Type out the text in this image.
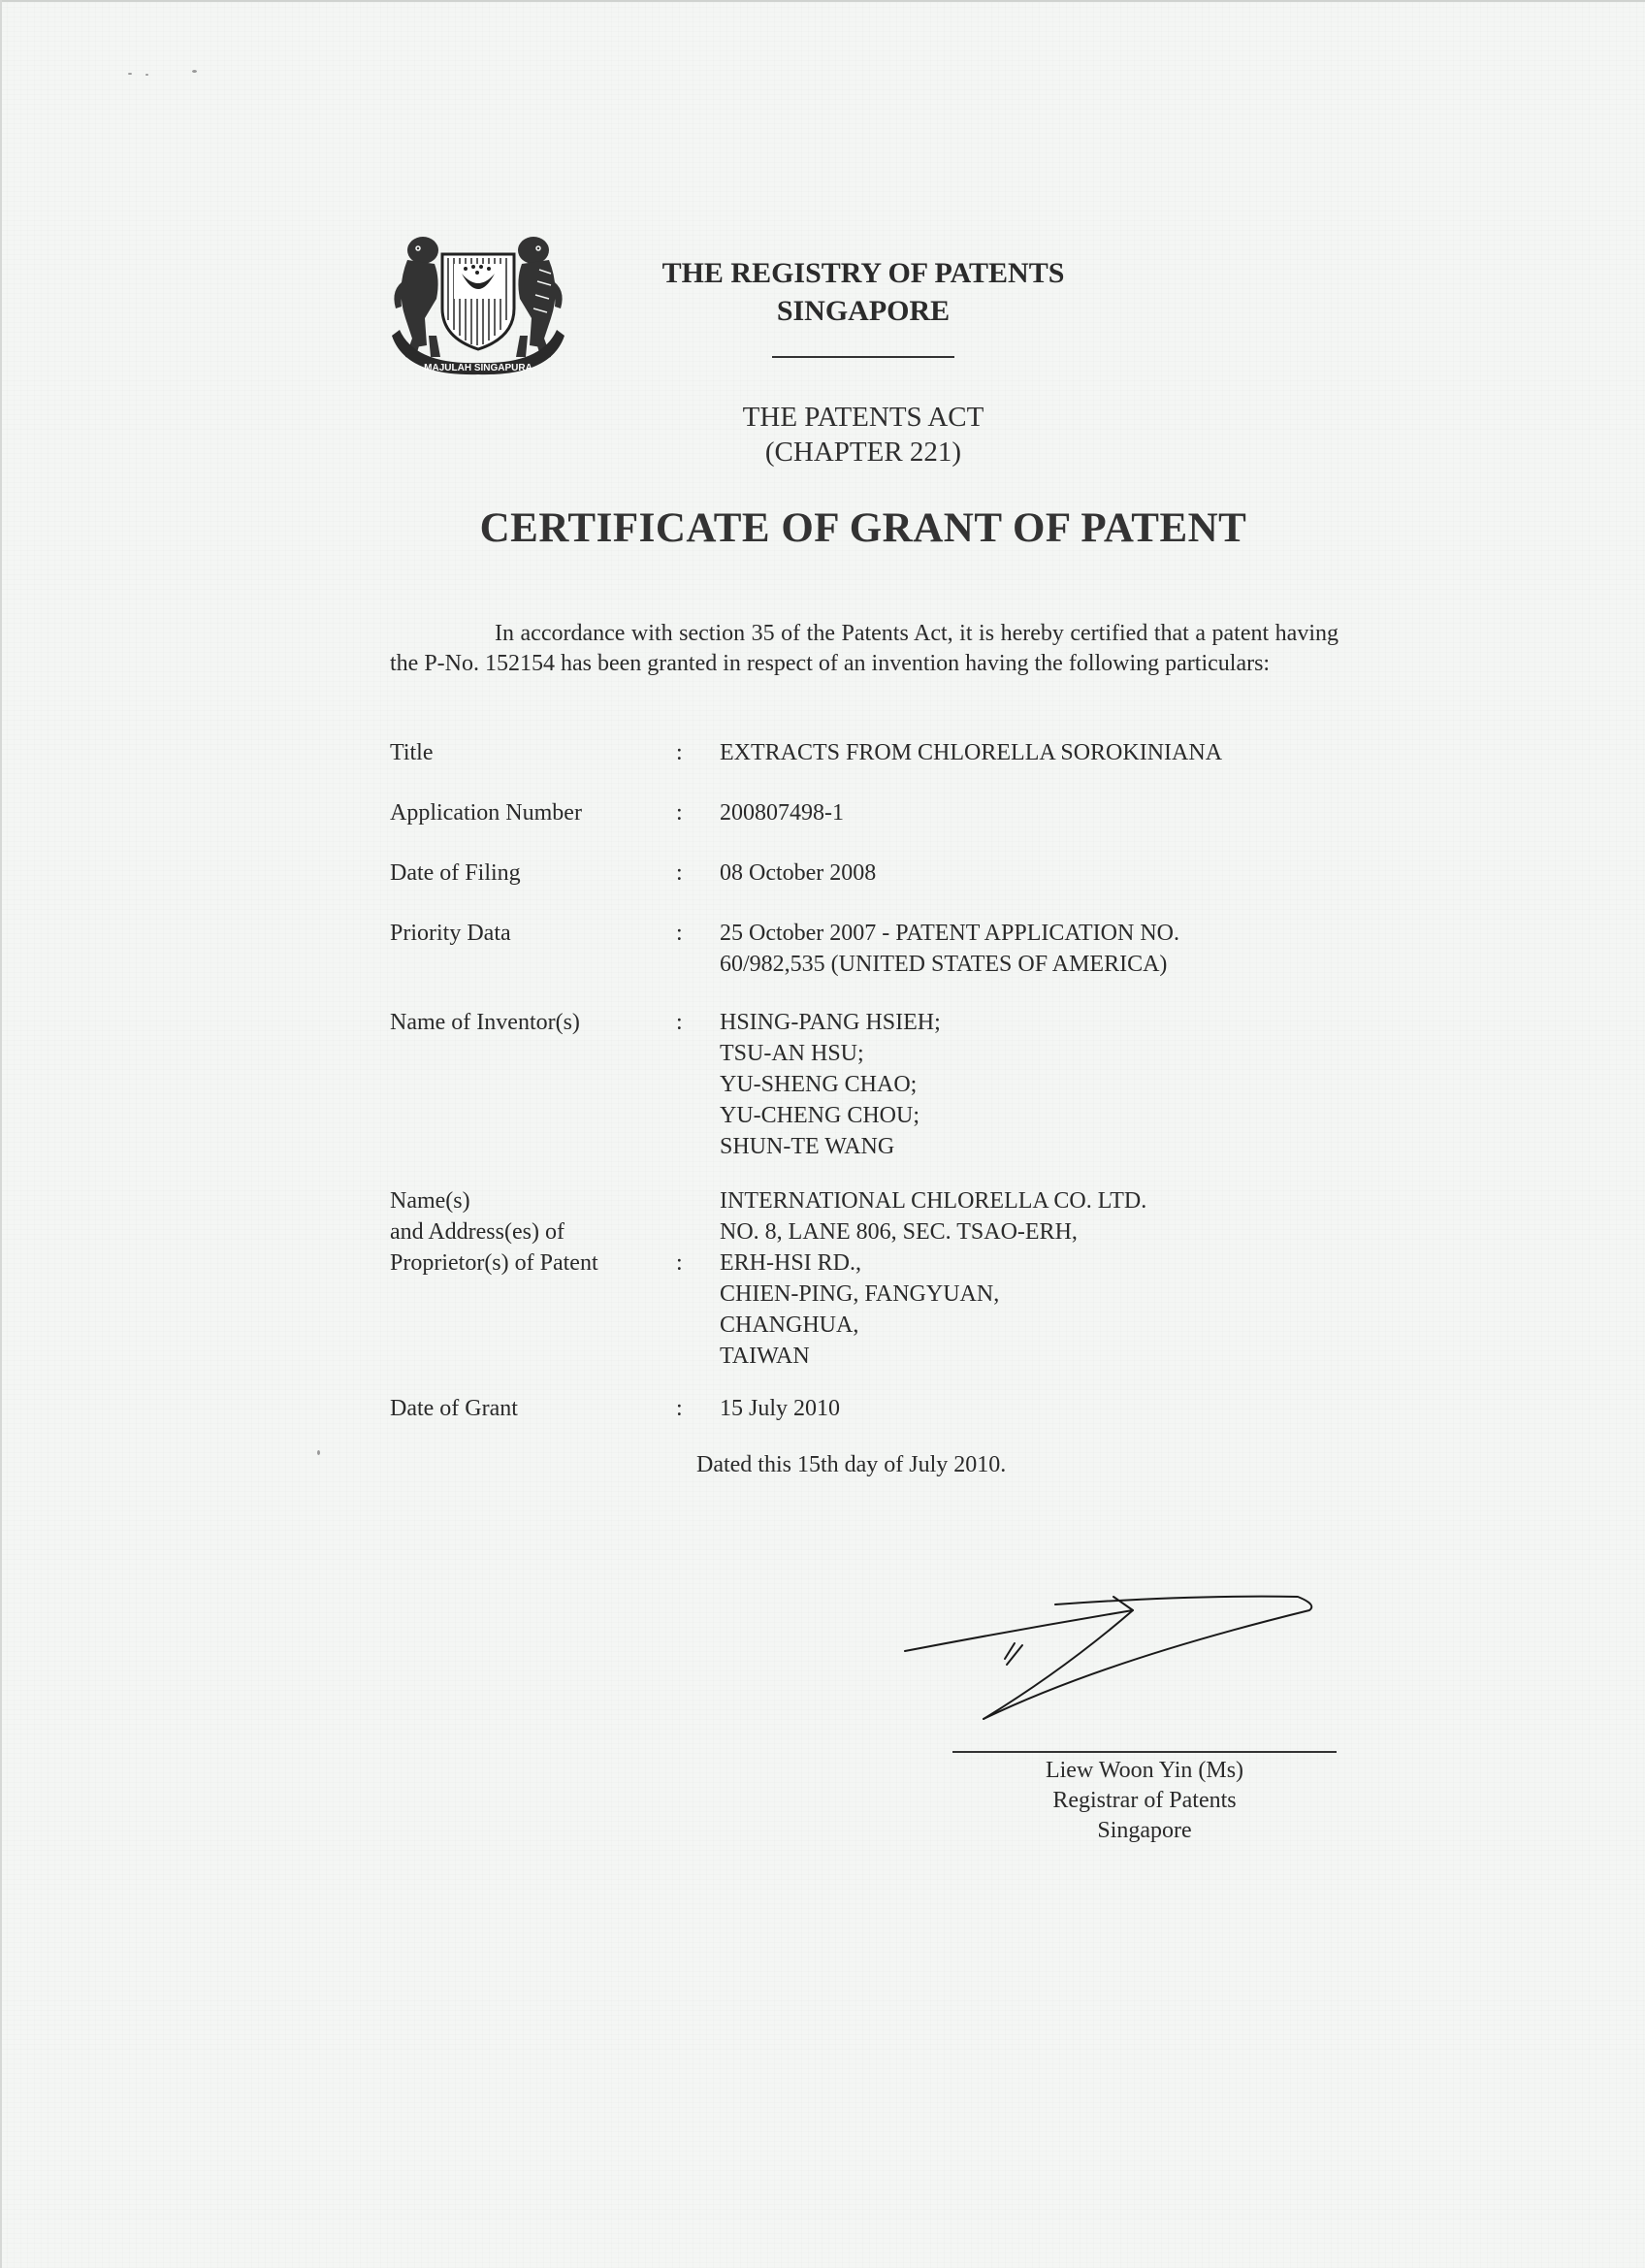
MAJULAH SINGAPURA
THE REGISTRY OF PATENTS
SINGAPORE
THE PATENTS ACT
(CHAPTER 221)
CERTIFICATE OF GRANT OF PATENT
In accordance with section 35 of the Patents Act, it is hereby certified that a patent having the P-No. 152154 has been granted in respect of an invention having the following particulars:
Title	: EXTRACTS FROM CHLORELLA SOROKINIANA
Application Number	: 200807498-1
Date of Filing	: 08 October 2008
Priority Data	: 25 October 2007 - PATENT APPLICATION NO.
60/982,535 (UNITED STATES OF AMERICA)
Name of Inventor(s)	: HSING-PANG HSIEH;
TSU-AN HSU;
YU-SHENG CHAO;
YU-CHENG CHOU;
SHUN-TE WANG
Name(s)
and Address(es) of
Proprietor(s) of Patent	:
INTERNATIONAL CHLORELLA CO. LTD.
NO. 8, LANE 806, SEC. TSAO-ERH,
ERH-HSI RD.,
CHIEN-PING, FANGYUAN,
CHANGHUA,
TAIWAN
Date of Grant	: 15 July 2010
Dated this 15th day of July 2010.
Liew Woon Yin (Ms)
Registrar of Patents
Singapore
